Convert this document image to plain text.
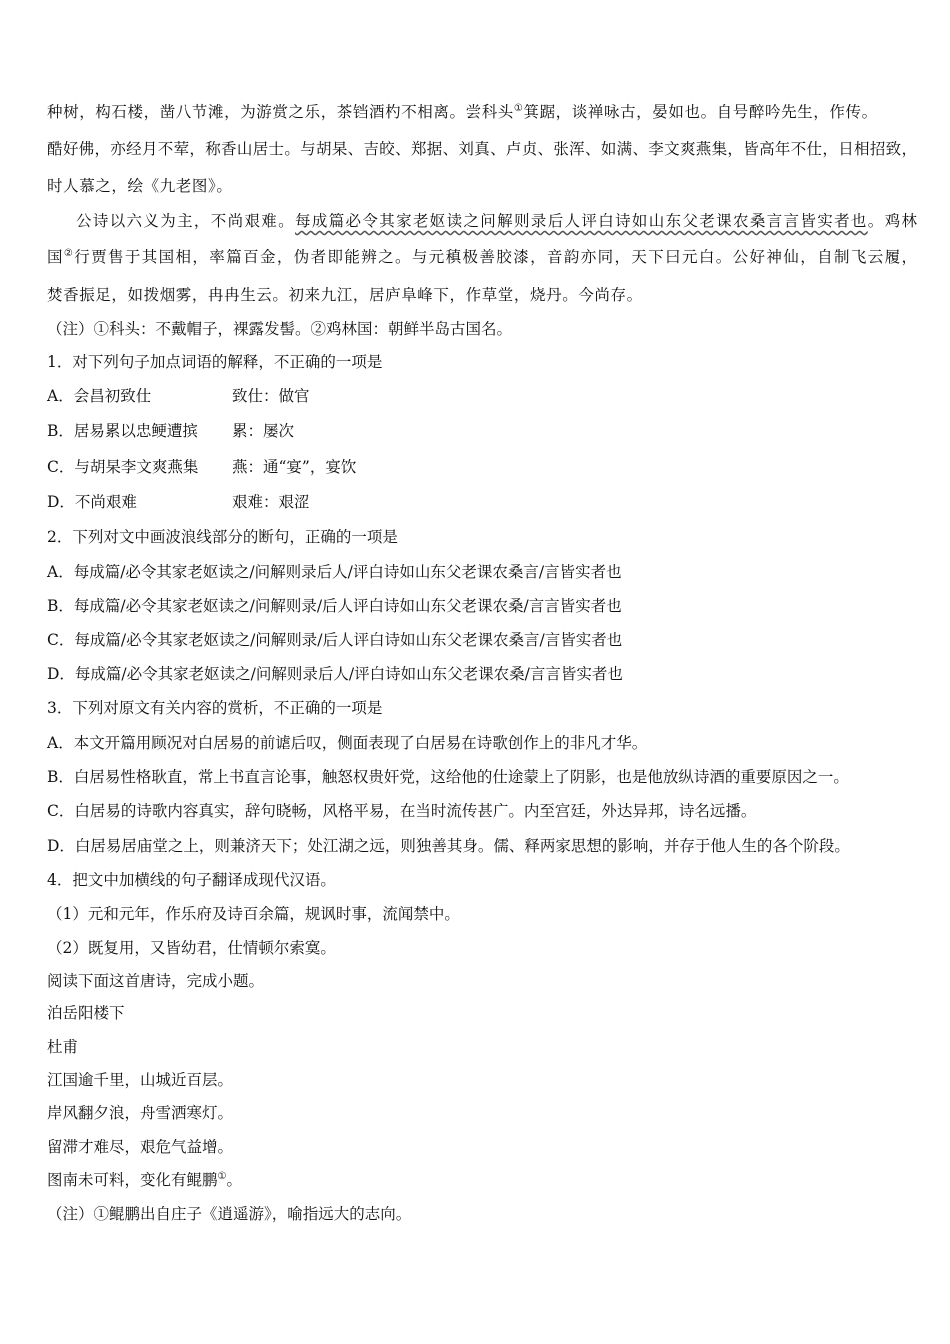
种树，构石楼，凿八节滩，为游赏之乐，茶铛酒杓不相离。尝科头①箕踞，谈禅咏古，晏如也。自号醉吟先生，作传。
酷好佛，亦经月不荤，称香山居士。与胡杲、吉皎、郑据、刘真、卢贞、张浑、如满、李文爽燕集，皆高年不仕，日相招致，
时人慕之，绘《九老图》。
公诗以六义为主，不尚艰难。每成篇必令其家老妪读之问解则录后人评白诗如山东父老课农桑言言皆实者也。鸡林
国②行贾售于其国相，率篇百金，伪者即能辨之。与元稹极善胶漆，音韵亦同，天下曰元白。公好神仙，自制飞云履，
焚香振足，如拨烟雾，冉冉生云。初来九江，居庐阜峰下，作草堂，烧丹。今尚存。
（注）①科头：不戴帽子，裸露发髻。②鸡林国：朝鲜半岛古国名。
1．对下列句子加点词语的解释，不正确的一项是
A．会昌初致仕	致仕：做官
B．居易累以忠鲠遭摈 累：屡次
C．与胡杲李文爽燕集 燕：通“宴”，宴饮
D．不尚艰难	艰难：艰涩
2．下列对文中画波浪线部分的断句，正确的一项是
A．每成篇/必令其家老妪读之/问解则录后人/评白诗如山东父老课农桑言/言皆实者也
B．每成篇/必令其家老妪读之/问解则录/后人评白诗如山东父老课农桑/言言皆实者也
C．每成篇/必令其家老妪读之/问解则录/后人评白诗如山东父老课农桑言/言皆实者也
D．每成篇/必令其家老妪读之/问解则录后人/评白诗如山东父老课农桑/言言皆实者也
3．下列对原文有关内容的赏析，不正确的一项是
A．本文开篇用顾况对白居易的前谑后叹，侧面表现了白居易在诗歌创作上的非凡才华。
B．白居易性格耿直，常上书直言论事，触怒权贵奸党，这给他的仕途蒙上了阴影，也是他放纵诗酒的重要原因之一。
C．白居易的诗歌内容真实，辞句晓畅，风格平易，在当时流传甚广。内至宫廷，外达异邦，诗名远播。
D．白居易居庙堂之上，则兼济天下；处江湖之远，则独善其身。儒、释两家思想的影响，并存于他人生的各个阶段。
4．把文中加横线的句子翻译成现代汉语。
（1）元和元年，作乐府及诗百余篇，规讽时事，流闻禁中。
（2）既复用，又皆幼君，仕情顿尔索寞。
阅读下面这首唐诗，完成小题。
泊岳阳楼下
杜甫
江国逾千里，山城近百层。
岸风翻夕浪，舟雪洒寒灯。
留滞才难尽，艰危气益增。
图南未可料，变化有鲲鹏①。
（注）①鲲鹏出自庄子《逍遥游》，喻指远大的志向。
